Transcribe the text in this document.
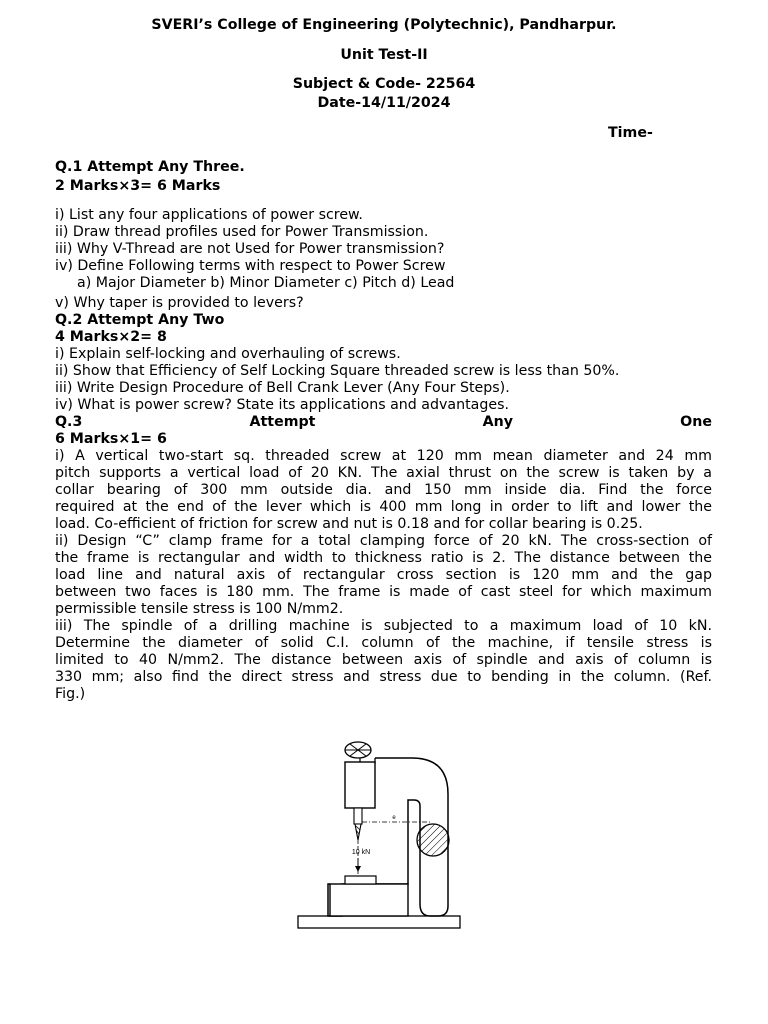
SVERI’s College of Engineering (Polytechnic), Pandharpur.
Unit Test-II
Subject & Code- 22564
Date-14/11/2024
Time-
Q.1 Attempt Any Three.
2 Marks×3= 6 Marks
i) List any four applications of power screw.
ii) Draw thread profiles used for Power Transmission.
iii) Why V-Thread are not Used for Power transmission?
iv) Define Following terms with respect to Power Screw
a) Major Diameter b) Minor Diameter c) Pitch d) Lead
v) Why taper is provided to levers?
Q.2 Attempt Any Two
4 Marks×2= 8
i) Explain self-locking and overhauling of screws.
ii) Show that Efficiency of Self Locking Square threaded screw is less than 50%.
iii) Write Design Procedure of Bell Crank Lever (Any Four Steps).
iv) What is power screw? State its applications and advantages.
Q.3	Attempt	Any	One
6 Marks×1= 6
i) A vertical two-start sq. threaded screw at 120 mm mean diameter and 24 mm
pitch supports a vertical load of 20 KN. The axial thrust on the screw is taken by a
collar bearing of 300 mm outside dia. and 150 mm inside dia. Find the force
required at the end of the lever which is 400 mm long in order to lift and lower the
load. Co-efficient of friction for screw and nut is 0.18 and for collar bearing is 0.25.
ii) Design “C” clamp frame for a total clamping force of 20 kN. The cross-section of
the frame is rectangular and width to thickness ratio is 2. The distance between the
load line and natural axis of rectangular cross section is 120 mm and the gap
between two faces is 180 mm. The frame is made of cast steel for which maximum
permissible tensile stress is 100 N/mm2.
iii) The spindle of a drilling machine is subjected to a maximum load of 10 kN.
Determine the diameter of solid C.I. column of the machine, if tensile stress is
limited to 40 N/mm2. The distance between axis of spindle and axis of column is
330 mm; also find the direct stress and stress due to bending in the column. (Ref.
Fig.)
10 kN
e
